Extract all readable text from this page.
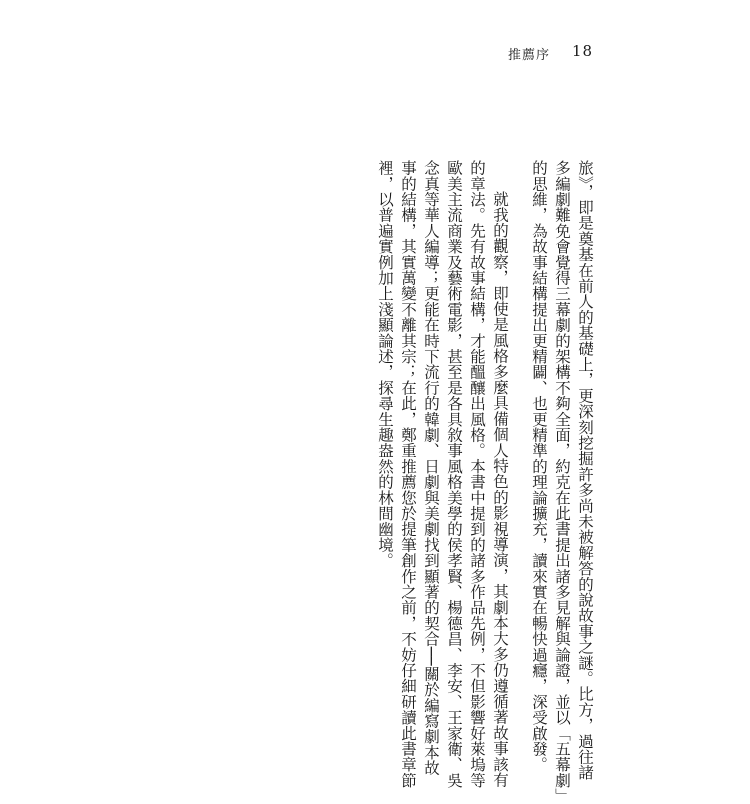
推薦序 18
旅》，即是奠基在前人的基礎上，更深刻挖掘許多尚未被解答的說故事之謎。比方，過往諸
多編劇難免會覺得三幕劇的架構不夠全面，約克在此書提出諸多見解與論證，並以「五幕劇」
的思維，為故事結構提出更精闢、也更精準的理論擴充，讀來實在暢快過癮，深受啟發。
就我的觀察，即使是風格多麼具備個人特色的影視導演，其劇本大多仍遵循著故事該有
的章法。先有故事結構，才能醞釀出風格。本書中提到的諸多作品先例，不但影響好萊塢等
歐美主流商業及藝術電影，甚至是各具敘事風格美學的侯孝賢、楊德昌、李安、王家衛、吳
念真等華人編導；更能在時下流行的韓劇、日劇與美劇找到顯著的契合──關於編寫劇本故
事的結構，其實萬變不離其宗；在此，鄭重推薦您於提筆創作之前，不妨仔細研讀此書章節
裡，以普遍實例加上淺顯論述，探尋生趣盎然的林間幽境。
